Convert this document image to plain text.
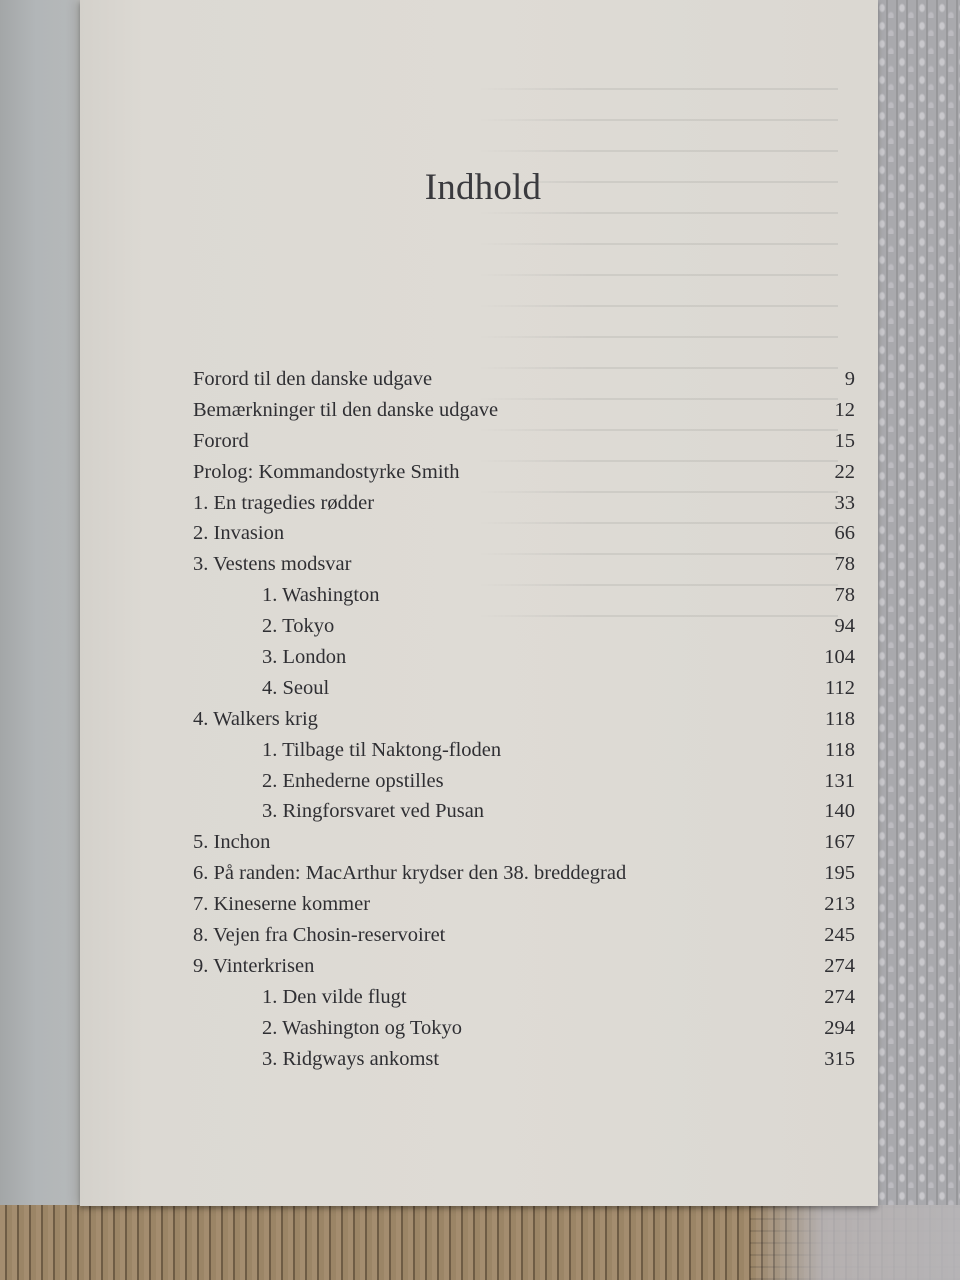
Indhold
Forord til den danske udgave	9
Bemærkninger til den danske udgave	12
Forord	15
Prolog: Kommandostyrke Smith	22
1. En tragedies rødder	33
2. Invasion	66
3. Vestens modsvar	78
1. Washington	78
2. Tokyo	94
3. London	104
4. Seoul	112
4. Walkers krig	118
1. Tilbage til Naktong-floden	118
2. Enhederne opstilles	131
3. Ringforsvaret ved Pusan	140
5. Inchon	167
6. På randen: MacArthur krydser den 38. breddegrad	195
7. Kineserne kommer	213
8. Vejen fra Chosin-reservoiret	245
9. Vinterkrisen	274
1. Den vilde flugt	274
2. Washington og Tokyo	294
3. Ridgways ankomst	315
